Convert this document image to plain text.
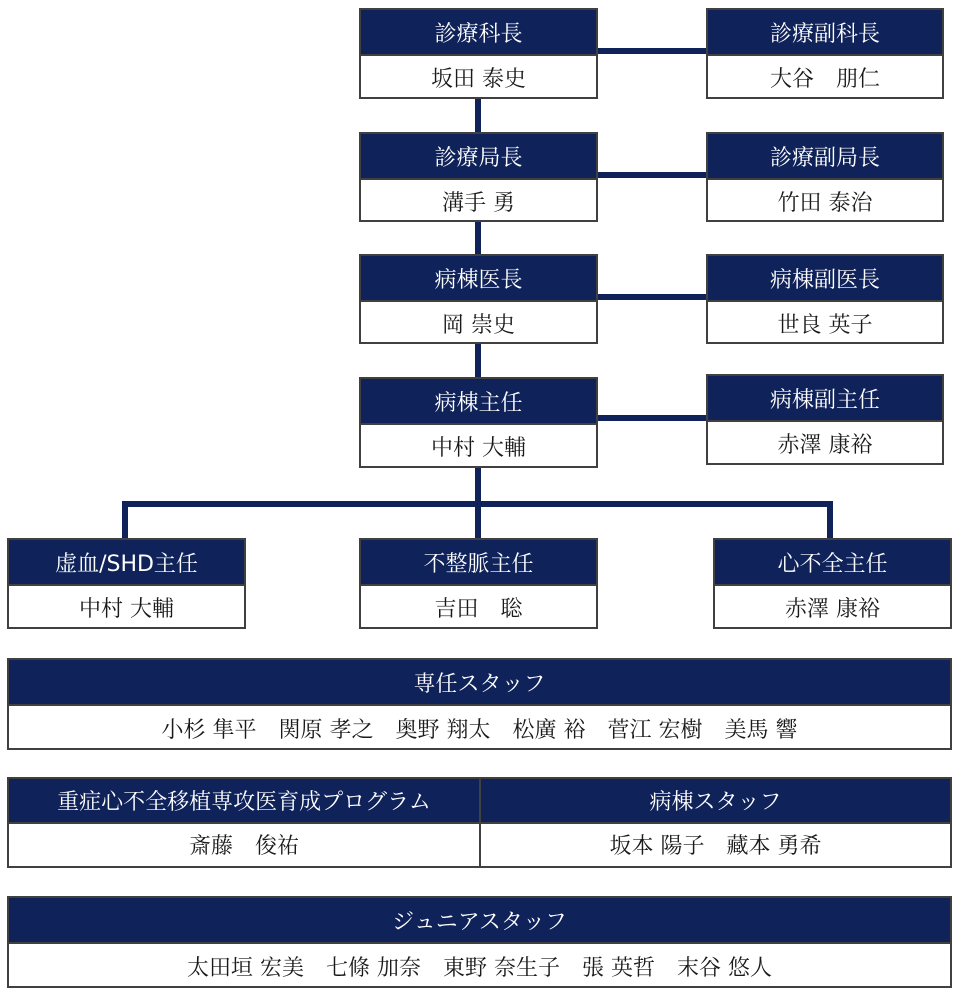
診療科長
坂田 泰史
診療副科長
大谷　朋仁
診療局長
溝手 勇
診療副局長
竹田 泰治
病棟医長
岡 崇史
病棟副医長
世良 英子
病棟主任
中村 大輔
病棟副主任
赤澤 康裕
虚血/SHD主任
中村 大輔
不整脈主任
吉田　聡
心不全主任
赤澤 康裕
専任スタッフ
小杉 隼平　関原 孝之　奥野 翔太　松廣 裕　菅江 宏樹　美馬 響
重症心不全移植専攻医育成プログラム
斎藤　俊祐
病棟スタッフ
坂本 陽子　藏本 勇希
ジュニアスタッフ
太田垣 宏美　七條 加奈　東野 奈生子　張 英哲　末谷 悠人
